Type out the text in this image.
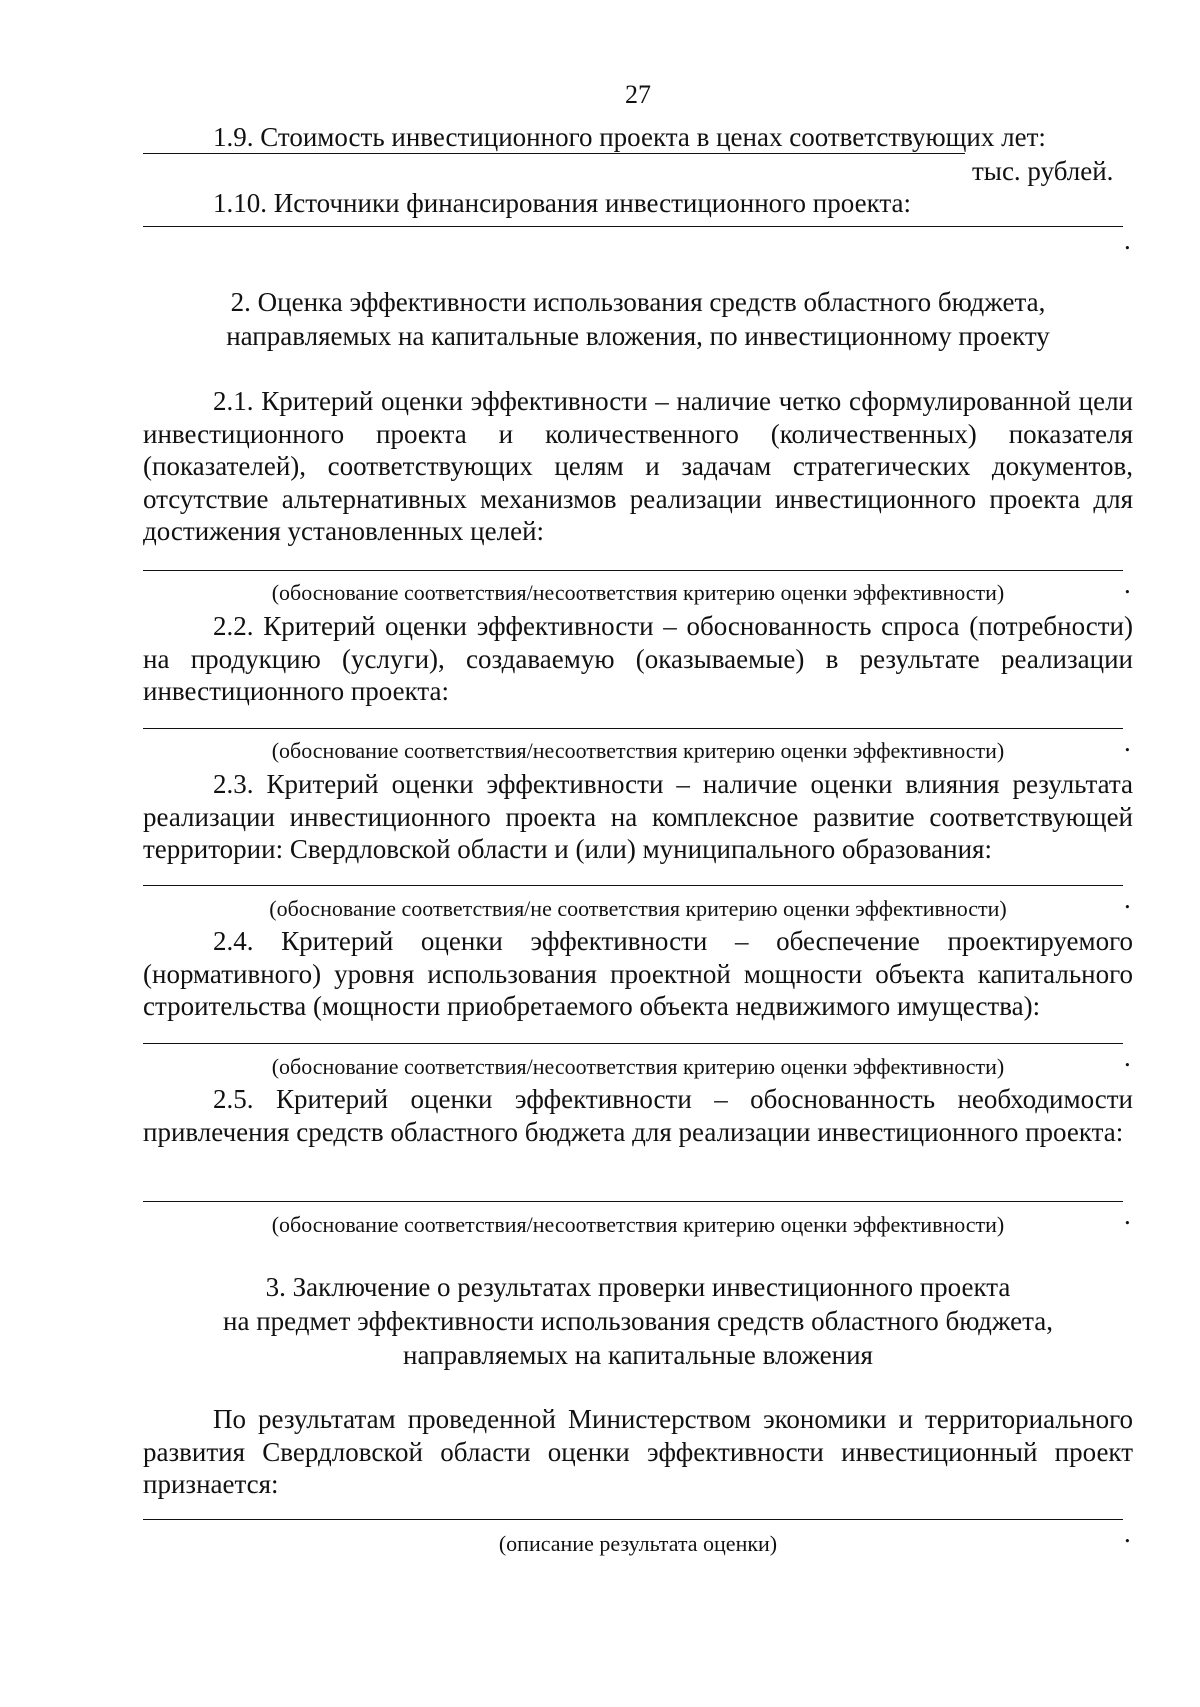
27
1.9. Стоимость инвестиционного проекта в ценах соответствующих лет:
тыс. рублей.
1.10. Источники финансирования инвестиционного проекта:
.
2. Оценка эффективности использования средств областного бюджета,
направляемых на капитальные вложения, по инвестиционному проекту
2.1. Критерий оценки эффективности – наличие четко сформулированной цели инвестиционного проекта и количественного (количественных) показателя (показателей), соответствующих целям и задачам стратегических документов, отсутствие альтернативных механизмов реализации инвестиционного проекта для достижения установленных целей:
.
(обоснование соответствия/несоответствия критерию оценки эффективности)
2.2. Критерий оценки эффективности – обоснованность спроса (потребности) на продукцию (услуги), создаваемую (оказываемые) в результате реализации инвестиционного проекта:
.
(обоснование соответствия/несоответствия критерию оценки эффективности)
2.3. Критерий оценки эффективности – наличие оценки влияния результата реализации инвестиционного проекта на комплексное развитие соответствующей территории: Свердловской области и (или) муниципального образования:
.
(обоснование соответствия/не соответствия критерию оценки эффективности)
2.4. Критерий оценки эффективности – обеспечение проектируемого (нормативного) уровня использования проектной мощности объекта капитального строительства (мощности приобретаемого объекта недвижимого имущества):
.
(обоснование соответствия/несоответствия критерию оценки эффективности)
2.5. Критерий оценки эффективности – обоснованность необходимости привлечения средств областного бюджета для реализации инвестиционного проекта:
.
(обоснование соответствия/несоответствия критерию оценки эффективности)
3. Заключение о результатах проверки инвестиционного проекта
на предмет эффективности использования средств областного бюджета,
направляемых на капитальные вложения
По результатам проведенной Министерством экономики и территориального развития Свердловской области оценки эффективности инвестиционный проект признается:
.
(описание результата оценки)
